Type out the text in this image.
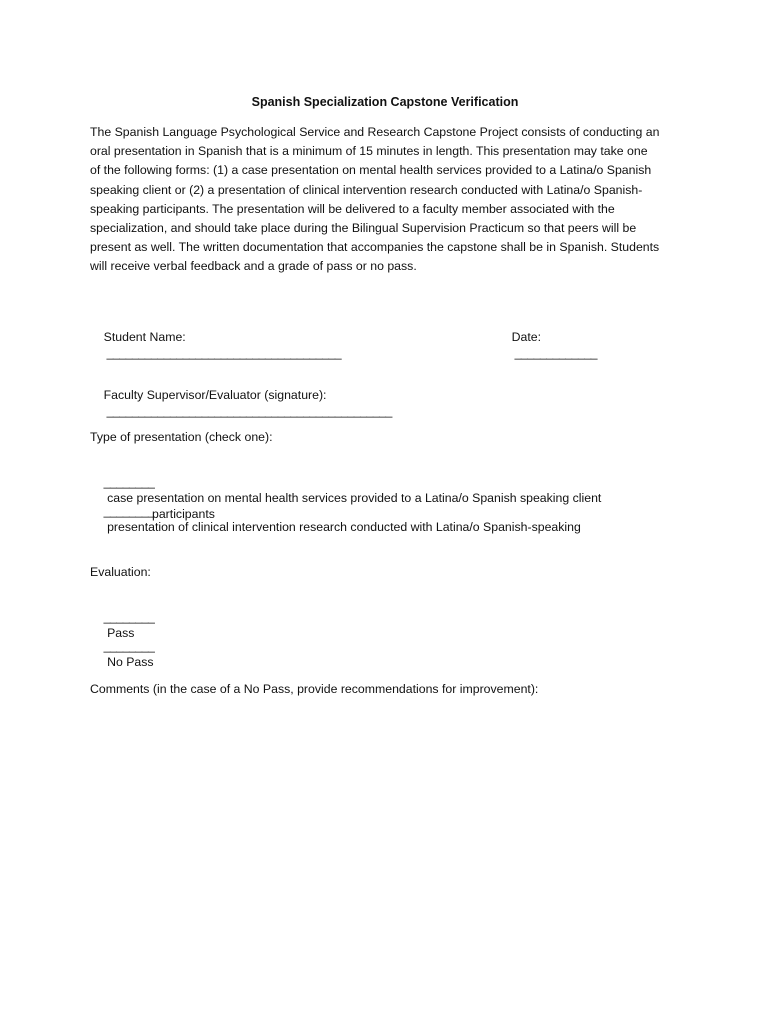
Spanish Specialization Capstone Verification
The Spanish Language Psychological Service and Research Capstone Project consists of conducting an
oral presentation in Spanish that is a minimum of 15 minutes in length. This presentation may take one
of the following forms: (1) a case presentation on mental health services provided to a Latina/o Spanish
speaking client or (2) a presentation of clinical intervention research conducted with Latina/o Spanish-
speaking participants. The presentation will be delivered to a faculty member associated with the
specialization, and should take place during the Bilingual Supervision Practicum so that peers will be
present as well. The written documentation that accompanies the capstone shall be in Spanish. Students
will receive verbal feedback and a grade of pass or no pass.

Student Name:
_____________________________________

Date:
_____________

Faculty Supervisor/Evaluator (signature):
_____________________________________________

Type of presentation (check one):

________
case presentation on mental health services provided to a Latina/o Spanish speaking client

________
presentation of clinical intervention research conducted with Latina/o Spanish-speaking

participants
Evaluation:

________
Pass

________
No Pass

Comments (in the case of a No Pass, provide recommendations for improvement):
